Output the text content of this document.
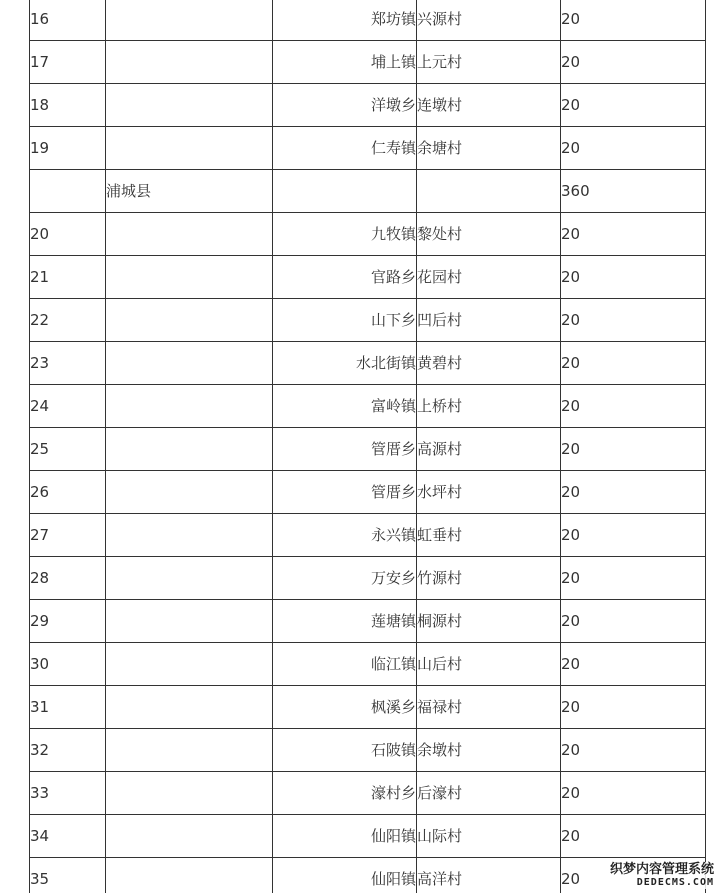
16		郑坊镇	兴源村	20
17		埔上镇	上元村	20
18		洋墩乡	连墩村	20
19		仁寿镇	余塘村	20
	浦城县			360
20		九牧镇	黎处村	20
21		官路乡	花园村	20
22		山下乡	凹后村	20
23		水北街镇	黄碧村	20
24		富岭镇	上桥村	20
25		管厝乡	高源村	20
26		管厝乡	水坪村	20
27		永兴镇	虹垂村	20
28		万安乡	竹源村	20
29		莲塘镇	桐源村	20
30		临江镇	山后村	20
31		枫溪乡	福禄村	20
32		石陂镇	余墩村	20
33		濠村乡	后濠村	20
34		仙阳镇	山际村	20
35		仙阳镇	高洋村	20
织梦内容管理系统
DEDECMS.COM
